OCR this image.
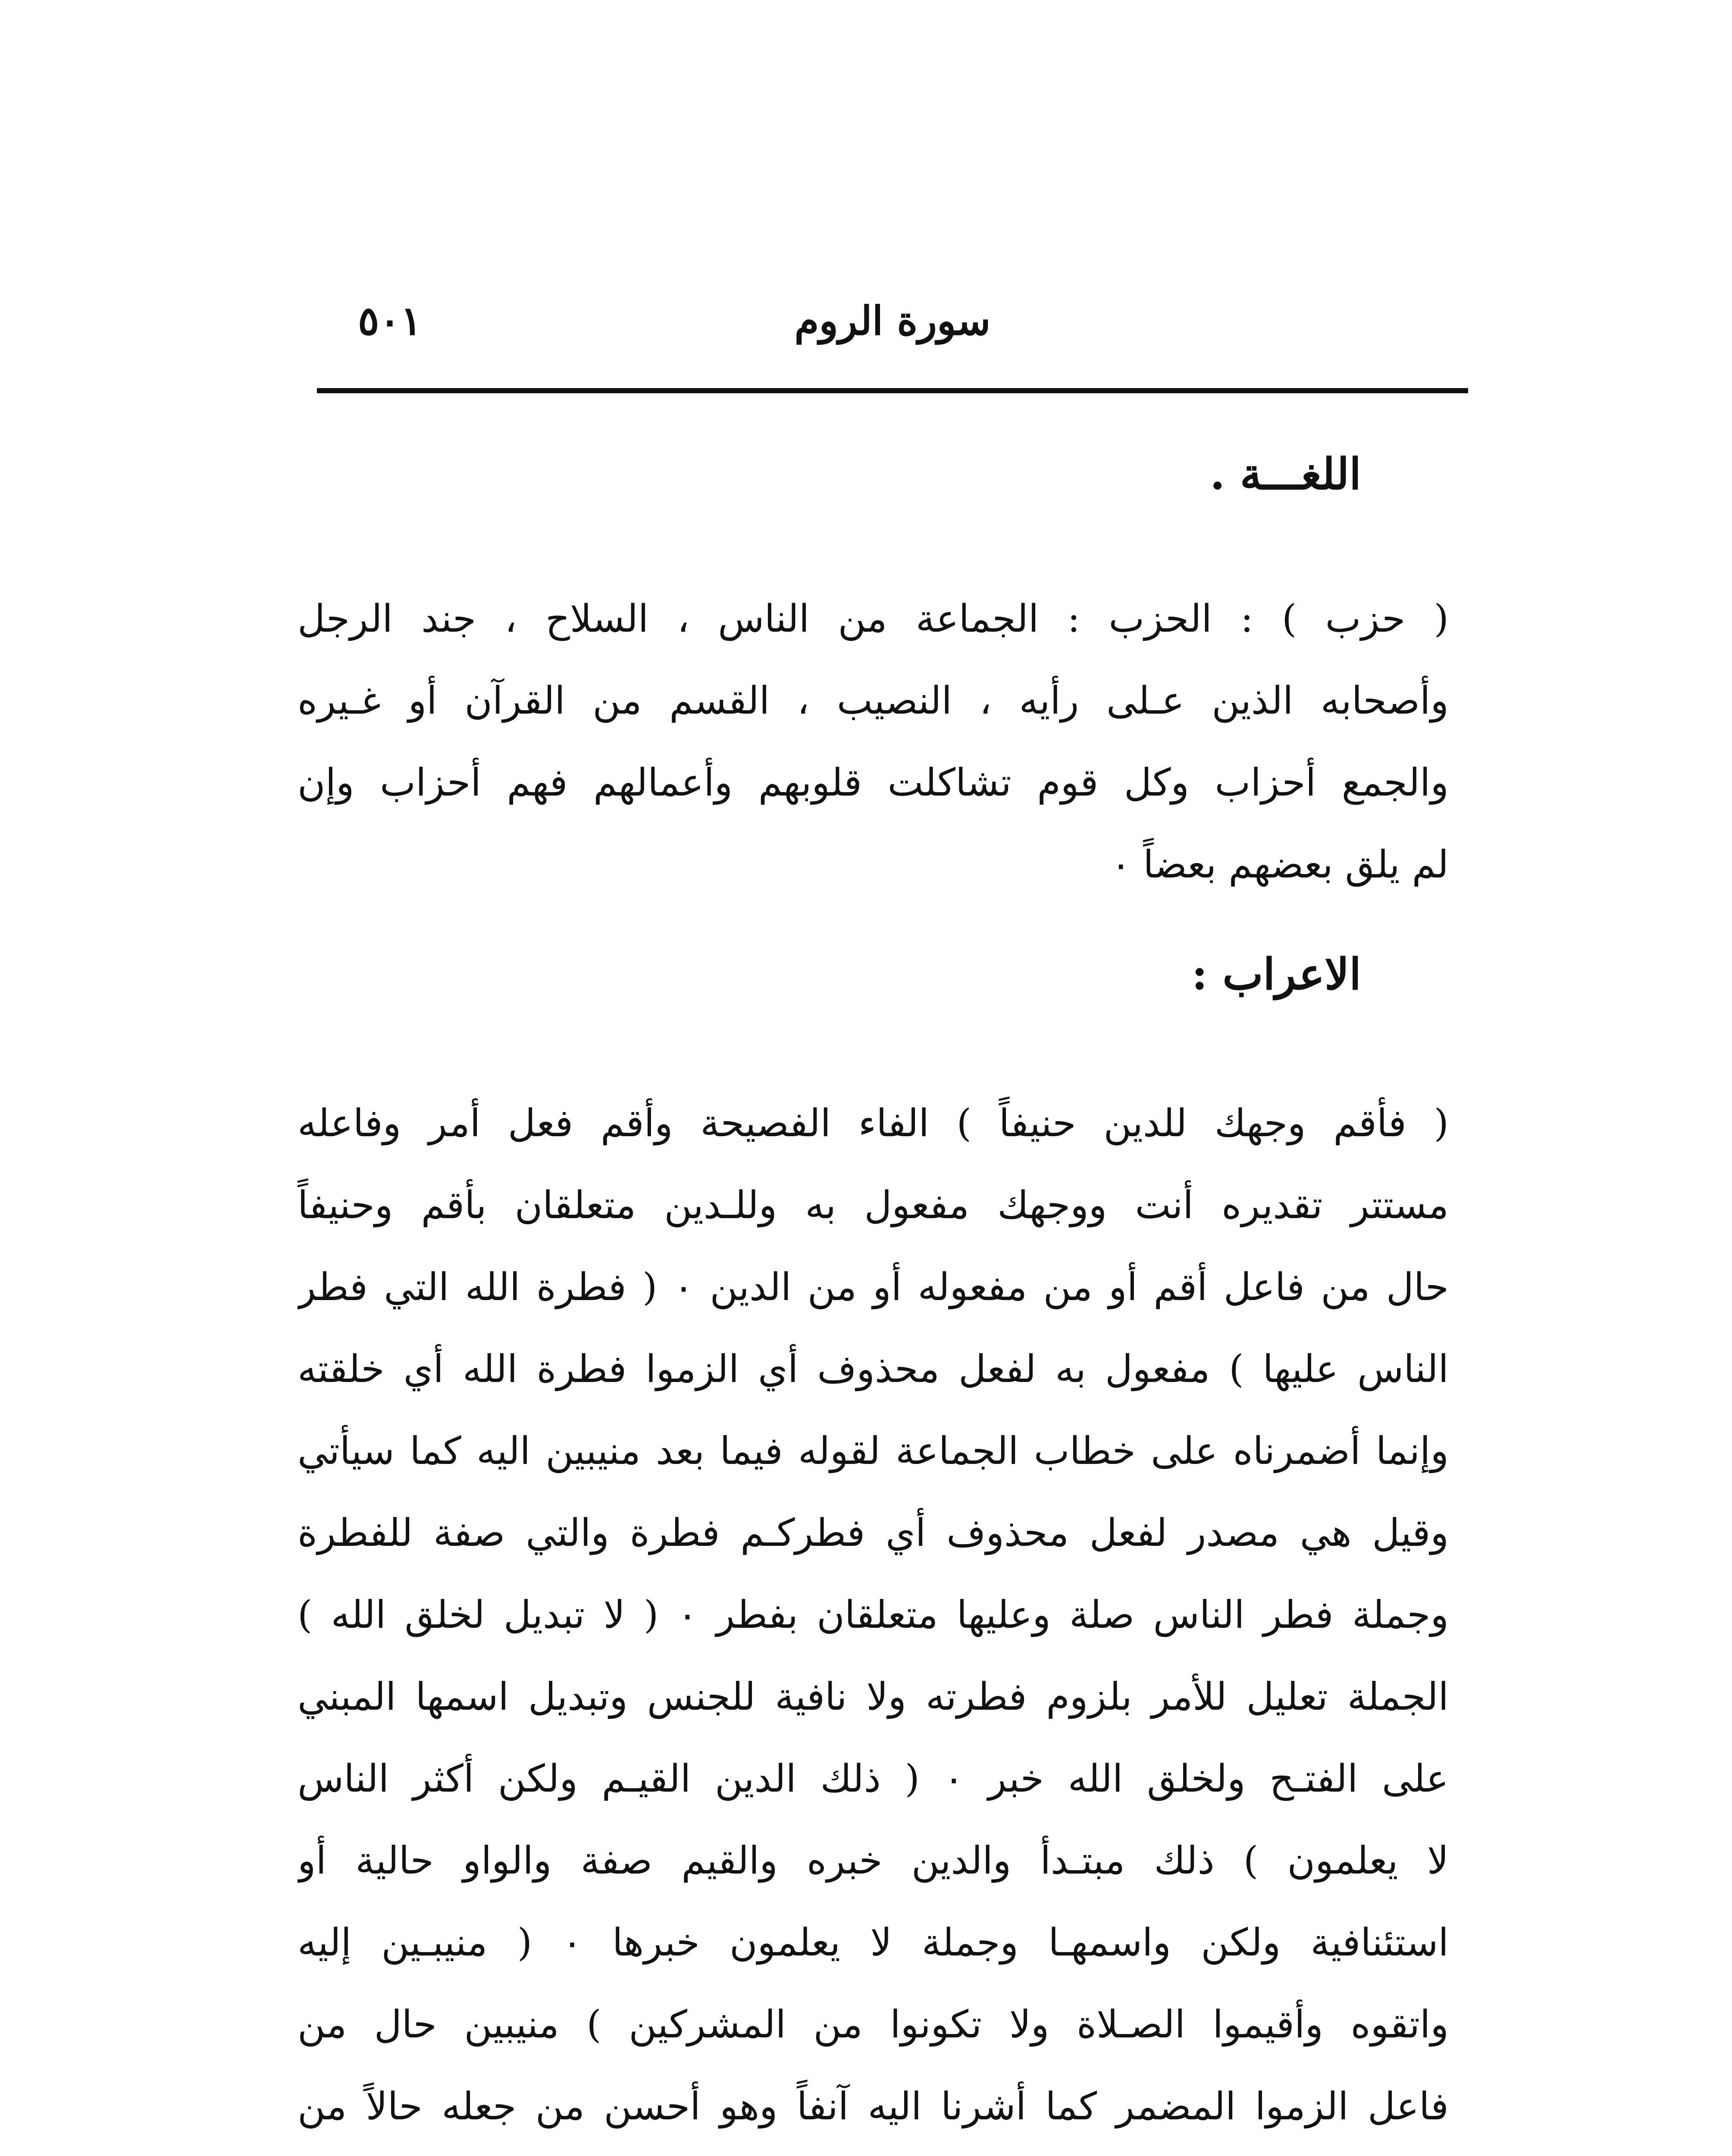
٥٠١	سورة الروم
اللغـــة .

( حزب ) : الحزب : الجماعة من الناس ، السلاح ، جند الرجل
وأصحابه الذين عـلى رأيه ، النصيب ، القسم من القرآن أو غـيره
والجمع أحزاب وكل قوم تشاكلت قلوبهم وأعمالهم فهم أحزاب وإن
لم يلق بعضهم بعضاً ٠

الاعراب :

( فأقم وجهك للدين حنيفاً ) الفاء الفصيحة وأقم فعل أمر وفاعله
مستتر تقديره أنت ووجهك مفعول به وللـدين متعلقان بأقم وحنيفاً
حال من فاعل أقم أو من مفعوله أو من الدين ٠ ( فطرة الله التي فطر
الناس عليها ) مفعول به لفعل محذوف أي الزموا فطرة الله أي خلقته
وإنما أضمرناه على خطاب الجماعة لقوله فيما بعد منيبين اليه كما سيأتي
وقيل هي مصدر لفعل محذوف أي فطركـم فطرة والتي صفة للفطرة
وجملة فطر الناس صلة وعليها متعلقان بفطر ٠ ( لا تبديل لخلق الله )
الجملة تعليل للأمر بلزوم فطرته ولا نافية للجنس وتبديل اسمها المبني
على الفتـح ولخلق الله خبر ٠ ( ذلك الدين القيـم ولكن أكثر الناس
لا يعلمون ) ذلك مبتـدأ والدين خبره والقيم صفة والواو حالية أو
استئنافية ولكن واسمهـا وجملة لا يعلمون خبرها ٠ ( منيبـين إليه
واتقوه وأقيموا الصـلاة ولا تكونوا من المشركين ) منيبين حال من
فاعل الزموا المضمر كما أشرنا اليه آنفاً وهو أحسن من جعله حالاً من
